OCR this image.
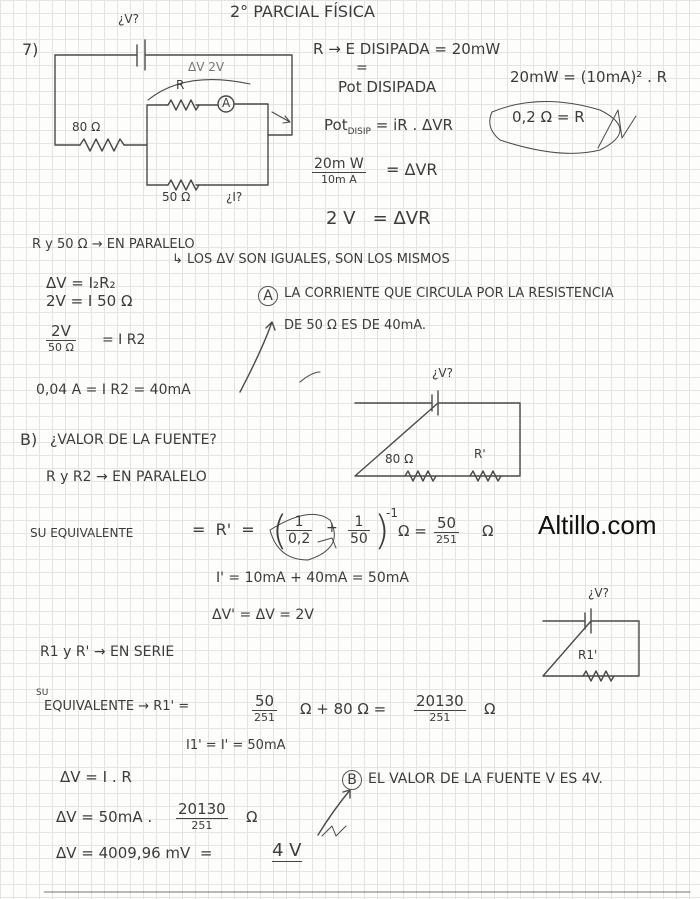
2° PARCIAL FÍSICA
7)
¿V?
ΔV 2V
R
A
80 Ω
50 Ω	¿I?
R → E DISIPADA = 20mW
=
Pot DISIPADA
Pot$_{DISIP}$ = iR . ΔVR
20m W
10m A
= ΔVR
2 V   = ΔVR
20mW = (10mA)² . R
0,2 Ω = R
R y 50 Ω → EN PARALELO
↳ LOS ΔV SON IGUALES, SON LOS MISMOS
ΔV = I₂R₂
2V = I 50 Ω
2V
50 Ω = I R2
0,04 A = I R2 = 40mA
A LA CORRIENTE QUE CIRCULA POR LA RESISTENCIA
DE 50 Ω ES DE 40mA.
¿V?
80 Ω	R'
B) ¿VALOR DE LA FUENTE?
R y R2 → EN PARALELO
SU EQUIVALENTE	=  R'  = (
$\frac{1}{0,2} + \frac{1}{50}$ )
-1
Ω = 50
251 Ω
I' = 10mA + 40mA = 50mA
ΔV' = ΔV = 2V
R1 y R' → EN SERIE
SU
EQUIVALENTE → R1' =	50
251 Ω + 80 Ω = 20130
251	Ω
I1' = I' = 50mA
ΔV = I . R
ΔV = 50mA . 20130
251	Ω
ΔV = 4009,96 mV  =	4 V
B EL VALOR DE LA FUENTE V ES 4V.
¿V?
R1'
Altillo.com
